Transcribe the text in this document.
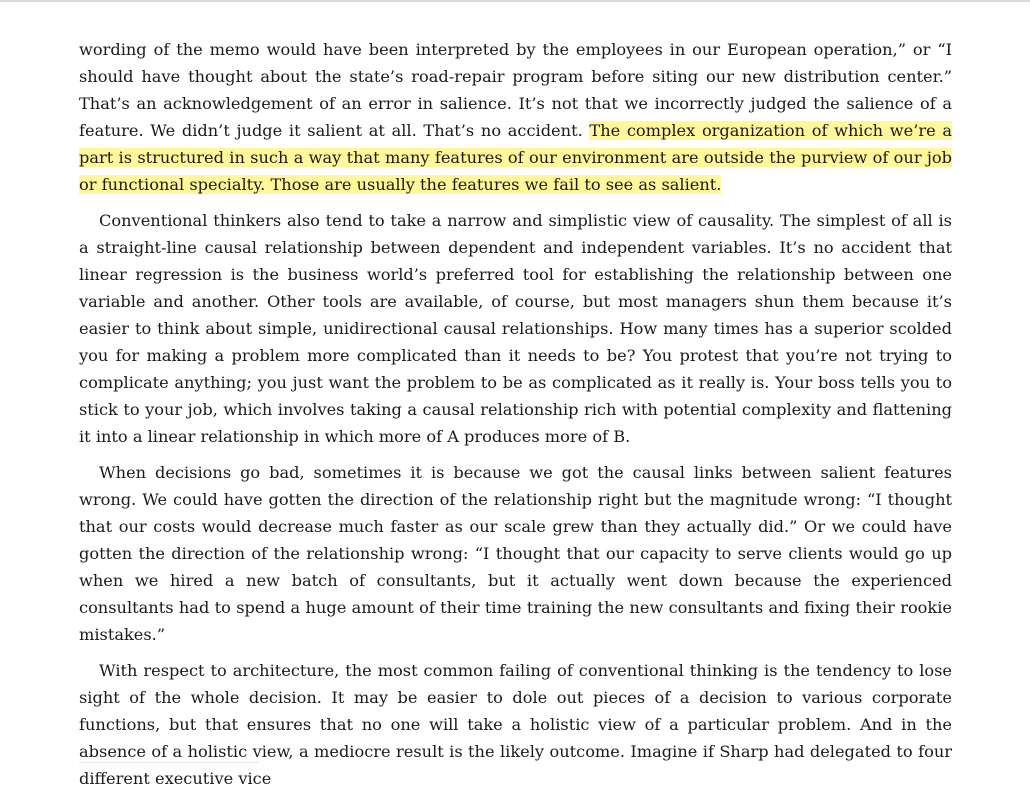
wording of the memo would have been interpreted by the employees in our European operation,” or “I should have thought about the state’s road-repair program before siting our new distribution center.” That’s an acknowledgement of an error in salience. It’s not that we incorrectly judged the salience of a feature. We didn’t judge it salient at all. That’s no accident. The complex organization of which we’re a part is structured in such a way that many features of our environment are outside the purview of our job or functional specialty. Those are usually the features we fail to see as salient.

Conventional thinkers also tend to take a narrow and simplistic view of causality. The simplest of all is a straight-line causal relationship between dependent and independent variables. It’s no accident that linear regression is the business world’s preferred tool for establishing the relationship between one variable and another. Other tools are available, of course, but most managers shun them because it’s easier to think about simple, unidirectional causal relationships. How many times has a superior scolded you for making a problem more complicated than it needs to be? You protest that you’re not trying to complicate anything; you just want the problem to be as complicated as it really is. Your boss tells you to stick to your job, which involves taking a causal relationship rich with potential complexity and flattening it into a linear relationship in which more of A produces more of B.

When decisions go bad, sometimes it is because we got the causal links between salient features wrong. We could have gotten the direction of the relationship right but the magnitude wrong: “I thought that our costs would decrease much faster as our scale grew than they actually did.” Or we could have gotten the direction of the relationship wrong: “I thought that our capacity to serve clients would go up when we hired a new batch of consultants, but it actually went down because the experienced consultants had to spend a huge amount of their time training the new consultants and fixing their rookie mistakes.”

With respect to architecture, the most common failing of conventional thinking is the tendency to lose sight of the whole decision. It may be easier to dole out pieces of a decision to various corporate functions, but that ensures that no one will take a holistic view of a particular problem. And in the absence of a holistic view, a mediocre result is the likely outcome. Imagine if Sharp had delegated to four different executive vice
